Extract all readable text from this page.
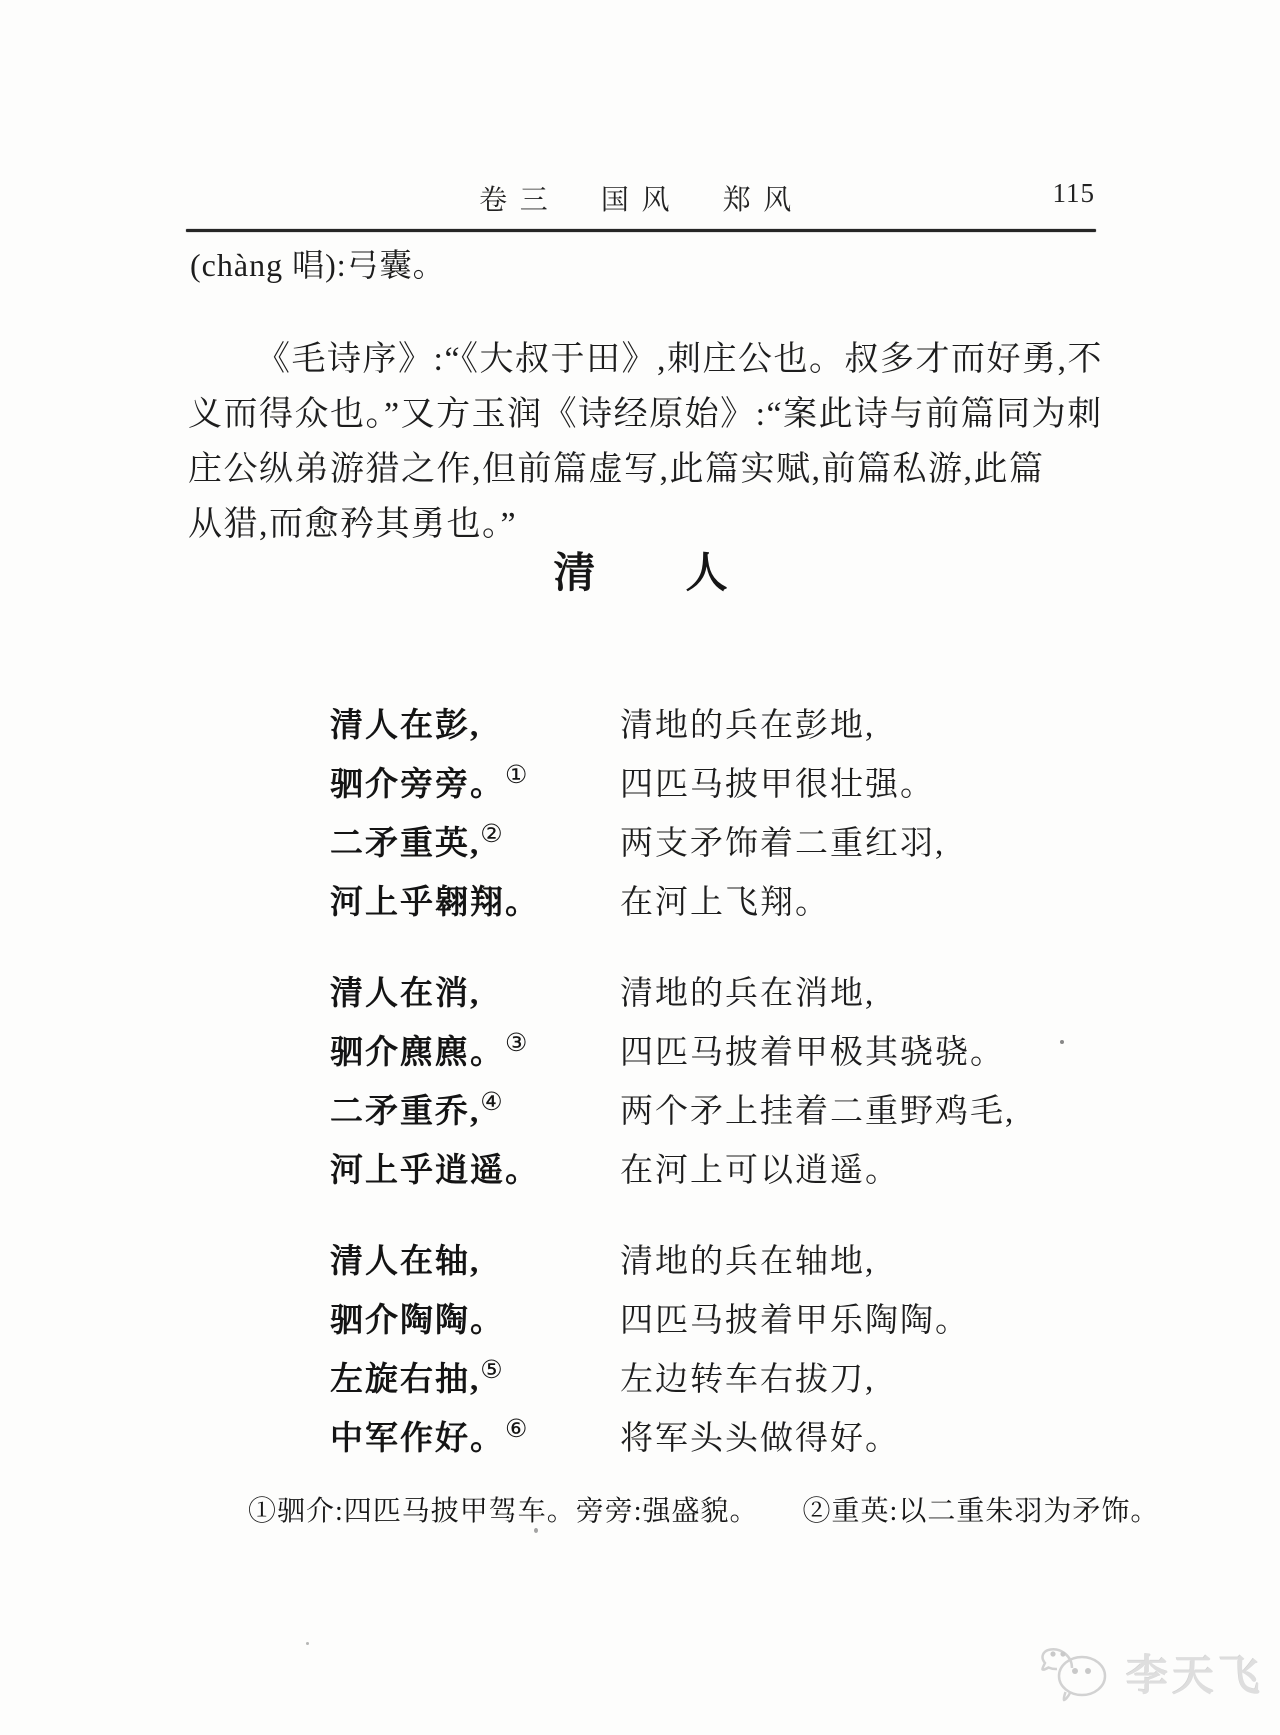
卷三　国风　郑风	115

(chàng 唱):弓囊。

《毛诗序》:“《大叔于田》,刺庄公也。叔多才而好勇,不
义而得众也。”又方玉润《诗经原始》:“案此诗与前篇同为刺
庄公纵弟游猎之作,但前篇虚写,此篇实赋,前篇私游,此篇
从猎,而愈矜其勇也。”
清　　人
清人在彭,	清地的兵在彭地,
驷介旁旁。①	四匹马披甲很壮强。
二矛重英,②	两支矛饰着二重红羽,
河上乎翱翔。	在河上飞翔。
清人在消,	清地的兵在消地,
驷介麃麃。③	四匹马披着甲极其骁骁。
二矛重乔,④	两个矛上挂着二重野鸡毛,
河上乎逍遥。	在河上可以逍遥。
清人在轴,	清地的兵在轴地,
驷介陶陶。	四匹马披着甲乐陶陶。
左旋右抽,⑤	左边转车右拔刀,
中军作好。⑥	将军头头做得好。

①驷介:四匹马披甲驾车。旁旁:强盛貌。　　②重英:以二重朱羽为矛饰。

李天飞
